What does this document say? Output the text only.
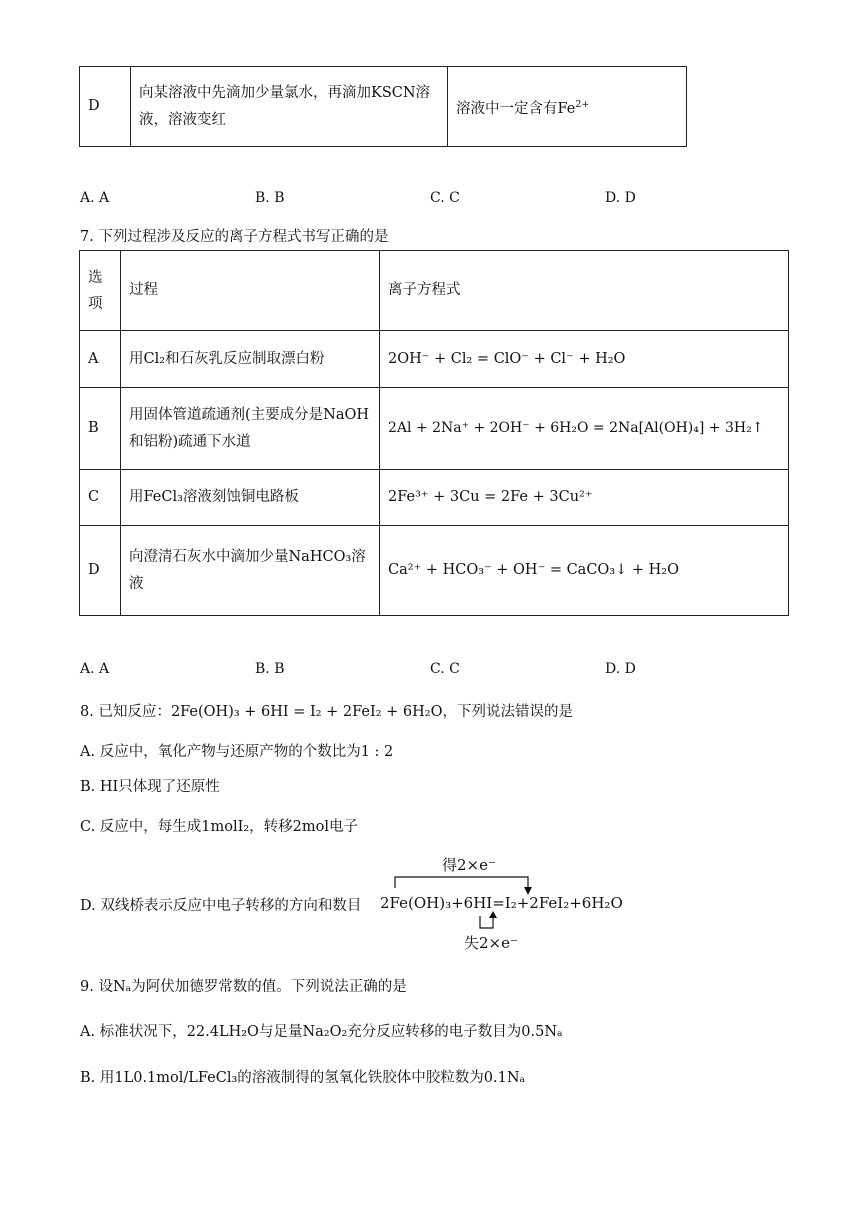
D	向某溶液中先滴加少量氯水，再滴加KSCN溶液，溶液变红	溶液中一定含有$Fe^{2+}$
A. A	B. B	C. C	D. D
7. 下列过程涉及反应的离子方程式书写正确的是
选项	过程	离子方程式
A	用Cl₂和石灰乳反应制取漂白粉	2OH⁻ + Cl₂ = ClO⁻ + Cl⁻ + H₂O
B	用固体管道疏通剂(主要成分是NaOH和铝粉)疏通下水道	2Al + 2Na⁺ + 2OH⁻ + 6H₂O = 2Na[Al(OH)₄] + 3H₂↑
C	用FeCl₃溶液刻蚀铜电路板	2Fe³⁺ + 3Cu = 2Fe + 3Cu²⁺
D	向澄清石灰水中滴加少量NaHCO₃溶液	Ca²⁺ + HCO₃⁻ + OH⁻ = CaCO₃↓ + H₂O
A. A	B. B	C. C	D. D
8. 已知反应：2Fe(OH)₃ + 6HI = I₂ + 2FeI₂ + 6H₂O，下列说法错误的是
A. 反应中，氧化产物与还原产物的个数比为1 : 2
B. HI只体现了还原性
C. 反应中，每生成1molI₂，转移2mol电子
D. 双线桥表示反应中电子转移的方向和数目
得2×e⁻
2Fe(OH)₃+6HI=I₂+2FeI₂+6H₂O
失2×e⁻
9. 设Nₐ为阿伏加德罗常数的值。下列说法正确的是
A. 标准状况下，22.4LH₂O与足量Na₂O₂充分反应转移的电子数目为0.5Nₐ
B. 用1L0.1mol/LFeCl₃的溶液制得的氢氧化铁胶体中胶粒数为0.1Nₐ
